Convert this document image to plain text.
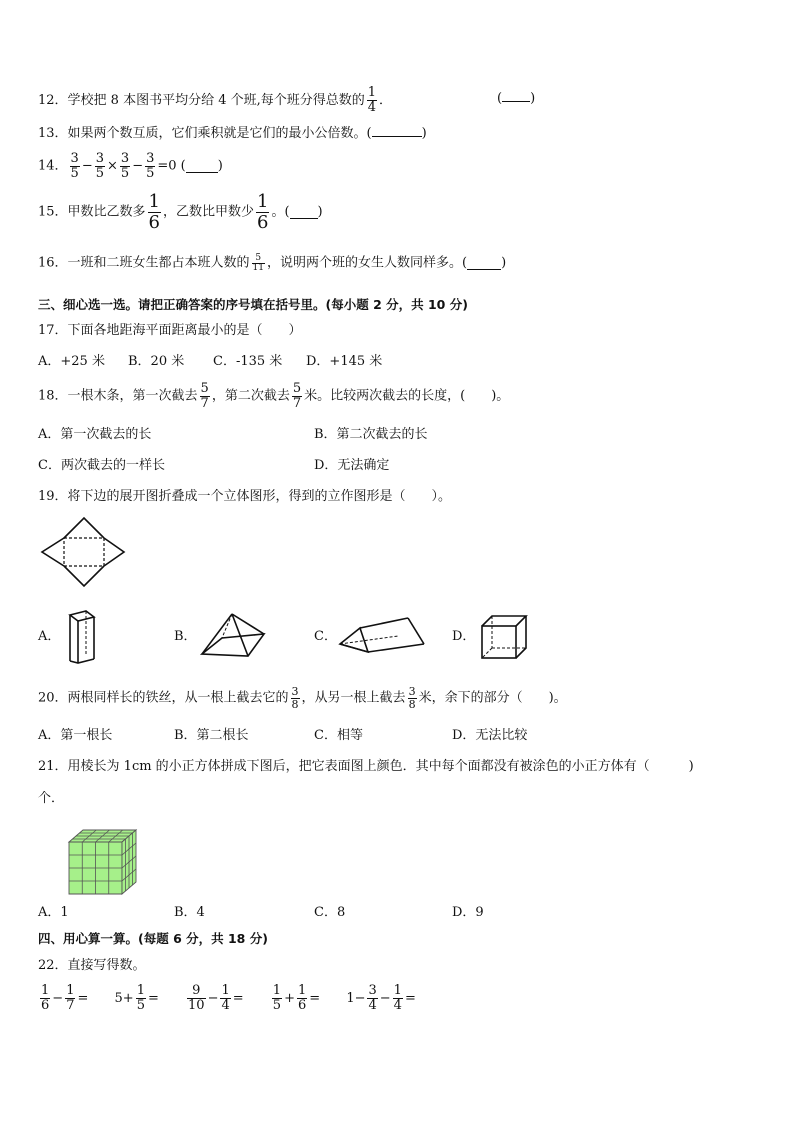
12．学校把 8 本图书平均分给 4 个班,每个班分得总数的 $\frac{1}{4}$ ．	( )
13．如果两个数互质，它们乘积就是它们的最小公倍数。(	)
14． $\frac{3}{5} - \frac{3}{5} \times \frac{3}{5} - \frac{3}{5} =0$ ( )
15．甲数比乙数多 $\frac{1}{6}$ ，乙数比甲数少 $\frac{1}{6}$ 。( )
16．一班和二班女生都占本班人数的 $\frac{5}{11}$ ，说明两个班的女生人数同样多。(	)
三、细心选一选。请把正确答案的序号填在括号里。(每小题 2 分，共 10 分)
17．下面各地距海平面距离最小的是（　　）
A．+25 米 B．20 米 C．-135 米 D．+145 米
18．一根木条，第一次截去 $\frac{5}{7}$ ，第二次截去 $\frac{5}{7}$ 米。比较两次截去的长度，(　　)。
A．第一次截去的长	B．第二次截去的长
C．两次截去的一样长	D．无法确定
19．将下边的展开图折叠成一个立体图形，得到的立作图形是（　　）。
A．	B．	C．	D．
20．两根同样长的铁丝，从一根上截去它的 $\frac{3}{8}$ ，从另一根上截去 $\frac{3}{8}$ 米，余下的部分（　　)。
A．第一根长	B．第二根长	C．相等	D．无法比较
21．用棱长为 1cm 的小正方体拼成下图后，把它表面图上颜色．其中每个面都没有被涂色的小正方体有（　　　)
个．
A．1	B．4	C．8	D．9
四、用心算一算。(每题 6 分，共 18 分)
22．直接写得数。
$\frac{1}{6} - \frac{1}{7} = 5+ \frac{1}{5} = \frac{9}{10} - \frac{1}{4} = \frac{1}{5} + \frac{1}{6} = 1- \frac{3}{4} - \frac{1}{4}$ =
